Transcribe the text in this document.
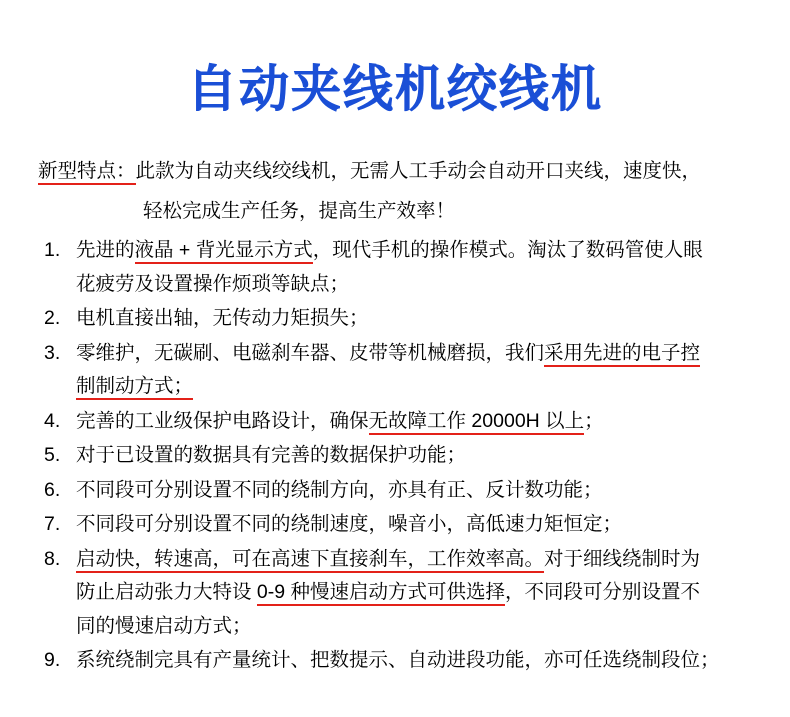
自动夹线机绞线机
新型特点：此款为自动夹线绞线机，无需人工手动会自动开口夹线，速度快，
轻松完成生产任务，提高生产效率！
1. 先进的液晶 + 背光显示方式，现代手机的操作模式。淘汰了数码管使人眼
花疲劳及设置操作烦琐等缺点；
2. 电机直接出轴，无传动力矩损失；
3. 零维护，无碳刷、电磁刹车器、皮带等机械磨损，我们采用先进的电子控
制制动方式；
4. 完善的工业级保护电路设计，确保无故障工作 20000H 以上；
5. 对于已设置的数据具有完善的数据保护功能；
6. 不同段可分别设置不同的绕制方向，亦具有正、反计数功能；
7. 不同段可分别设置不同的绕制速度，噪音小，高低速力矩恒定；
8. 启动快，转速高，可在高速下直接刹车，工作效率高。对于细线绕制时为
防止启动张力大特设 0-9 种慢速启动方式可供选择，不同段可分别设置不
同的慢速启动方式；
9. 系统绕制完具有产量统计、把数提示、自动进段功能，亦可任选绕制段位；
